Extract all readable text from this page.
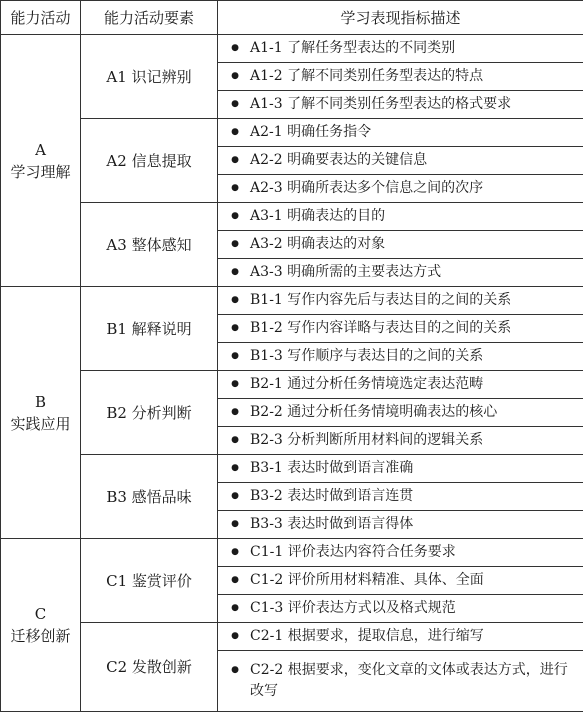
能力活动	能力活动要素	学习表现指标描述

A
学习理解	A1 识记辨别	● A1-1 了解任务型表达的不同类别

		● A1-2 了解不同类别任务型表达的特点

		● A1-3 了解不同类别任务型表达的格式要求

	A2 信息提取	● A2-1 明确任务指令

		● A2-2 明确要表达的关键信息

		● A2-3 明确所表达多个信息之间的次序

	A3 整体感知	● A3-1 明确表达的目的

		● A3-2 明确表达的对象

		● A3-3 明确所需的主要表达方式

B
实践应用	B1 解释说明	● B1-1 写作内容先后与表达目的之间的关系

		● B1-2 写作内容详略与表达目的之间的关系

		● B1-3 写作顺序与表达目的之间的关系

	B2 分析判断	● B2-1 通过分析任务情境选定表达范畴

		● B2-2 通过分析任务情境明确表达的核心

		● B2-3 分析判断所用材料间的逻辑关系

	B3 感悟品味	● B3-1 表达时做到语言准确

		● B3-2 表达时做到语言连贯

		● B3-3 表达时做到语言得体

C
迁移创新	C1 鉴赏评价	● C1-1 评价表达内容符合任务要求

		● C1-2 评价所用材料精准、具体、全面

		● C1-3 评价表达方式以及格式规范

	C2 发散创新	● C2-1 根据要求，提取信息，进行缩写

		● C2-2 根据要求，变化文章的文体或表达方式，进行改写
